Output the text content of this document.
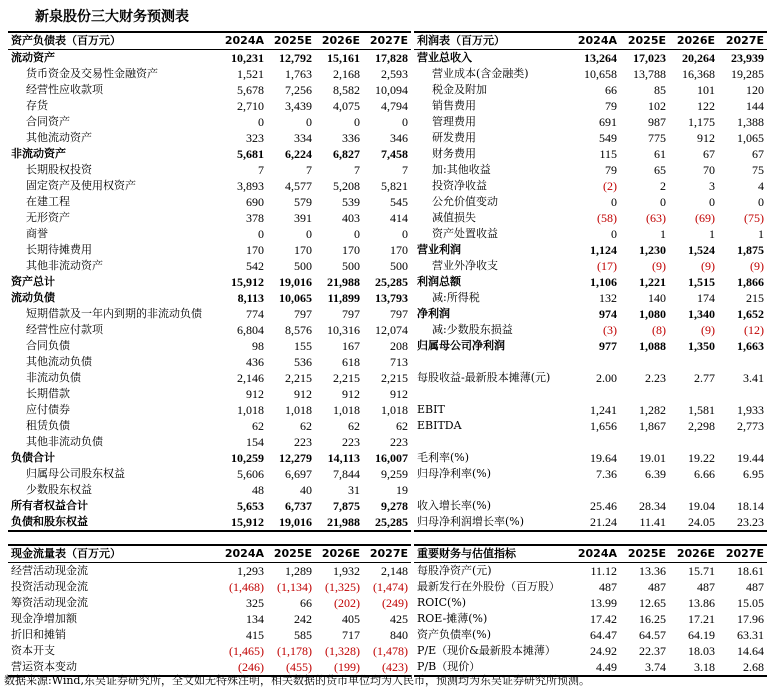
新泉股份三大财务预测表
资产负债表（百万元）	2024A	2025E	2026E	2027E
流动资产	10,231	12,792	15,161	17,828
货币资金及交易性金融资产	1,521	1,763	2,168	2,593
经营性应收款项	5,678	7,256	8,582	10,094
存货	2,710	3,439	4,075	4,794
合同资产	0	0	0	0
其他流动资产	323	334	336	346
非流动资产	5,681	6,224	6,827	7,458
长期股权投资	7	7	7	7
固定资产及使用权资产	3,893	4,577	5,208	5,821
在建工程	690	579	539	545
无形资产	378	391	403	414
商誉	0	0	0	0
长期待摊费用	170	170	170	170
其他非流动资产	542	500	500	500
资产总计	15,912	19,016	21,988	25,285
流动负债	8,113	10,065	11,899	13,793
短期借款及一年内到期的非流动负债	774	797	797	797
经营性应付款项	6,804	8,576	10,316	12,074
合同负债	98	155	167	208
其他流动负债	436	536	618	713
非流动负债	2,146	2,215	2,215	2,215
长期借款	912	912	912	912
应付债券	1,018	1,018	1,018	1,018
租赁负债	62	62	62	62
其他非流动负债	154	223	223	223
负债合计	10,259	12,279	14,113	16,007
归属母公司股东权益	5,606	6,697	7,844	9,259
少数股东权益	48	40	31	19
所有者权益合计	5,653	6,737	7,875	9,278
负债和股东权益	15,912	19,016	21,988	25,285
利润表（百万元）	2024A	2025E	2026E	2027E
营业总收入	13,264	17,023	20,264	23,939
营业成本(含金融类)	10,658	13,788	16,368	19,285
税金及附加	66	85	101	120
销售费用	79	102	122	144
管理费用	691	987	1,175	1,388
研发费用	549	775	912	1,065
财务费用	115	61	67	67
加:其他收益	79	65	70	75
投资净收益	(2)	2	3	4
公允价值变动	0	0	0	0
减值损失	(58)	(63)	(69)	(75)
资产处置收益	0	1	1	1
营业利润	1,124	1,230	1,524	1,875
营业外净收支	(17)	(9)	(9)	(9)
利润总额	1,106	1,221	1,515	1,866
减:所得税	132	140	174	215
净利润	974	1,080	1,340	1,652
减:少数股东损益	(3)	(8)	(9)	(12)
归属母公司净利润	977	1,088	1,350	1,663

每股收益-最新股本摊薄(元)	2.00	2.23	2.77	3.41

EBIT	1,241	1,282	1,581	1,933
EBITDA	1,656	1,867	2,298	2,773

毛利率(%)	19.64	19.01	19.22	19.44
归母净利率(%)	7.36	6.39	6.66	6.95

收入增长率(%)	25.46	28.34	19.04	18.14
归母净利润增长率(%)	21.24	11.41	24.05	23.23
现金流量表（百万元）	2024A	2025E	2026E	2027E
经营活动现金流	1,293	1,289	1,932	2,148
投资活动现金流	(1,468)	(1,134)	(1,325)	(1,474)
筹资活动现金流	325	66	(202)	(249)
现金净增加额	134	242	405	425
折旧和摊销	415	585	717	840
资本开支	(1,465)	(1,178)	(1,328)	(1,478)
营运资本变动	(246)	(455)	(199)	(423)
重要财务与估值指标	2024A	2025E	2026E	2027E
每股净资产(元)	11.12	13.36	15.71	18.61
最新发行在外股份（百万股）	487	487	487	487
ROIC(%)	13.99	12.65	13.86	15.05
ROE-摊薄(%)	17.42	16.25	17.21	17.96
资产负债率(%)	64.47	64.57	64.19	63.31
P/E（现价&最新股本摊薄）	24.92	22.37	18.03	14.64
P/B（现价）	4.49	3.74	3.18	2.68
数据来源:Wind,东吴证券研究所，全文如无特殊注明，相关数据的货币单位均为人民币，预测均为东吴证券研究所预测。
